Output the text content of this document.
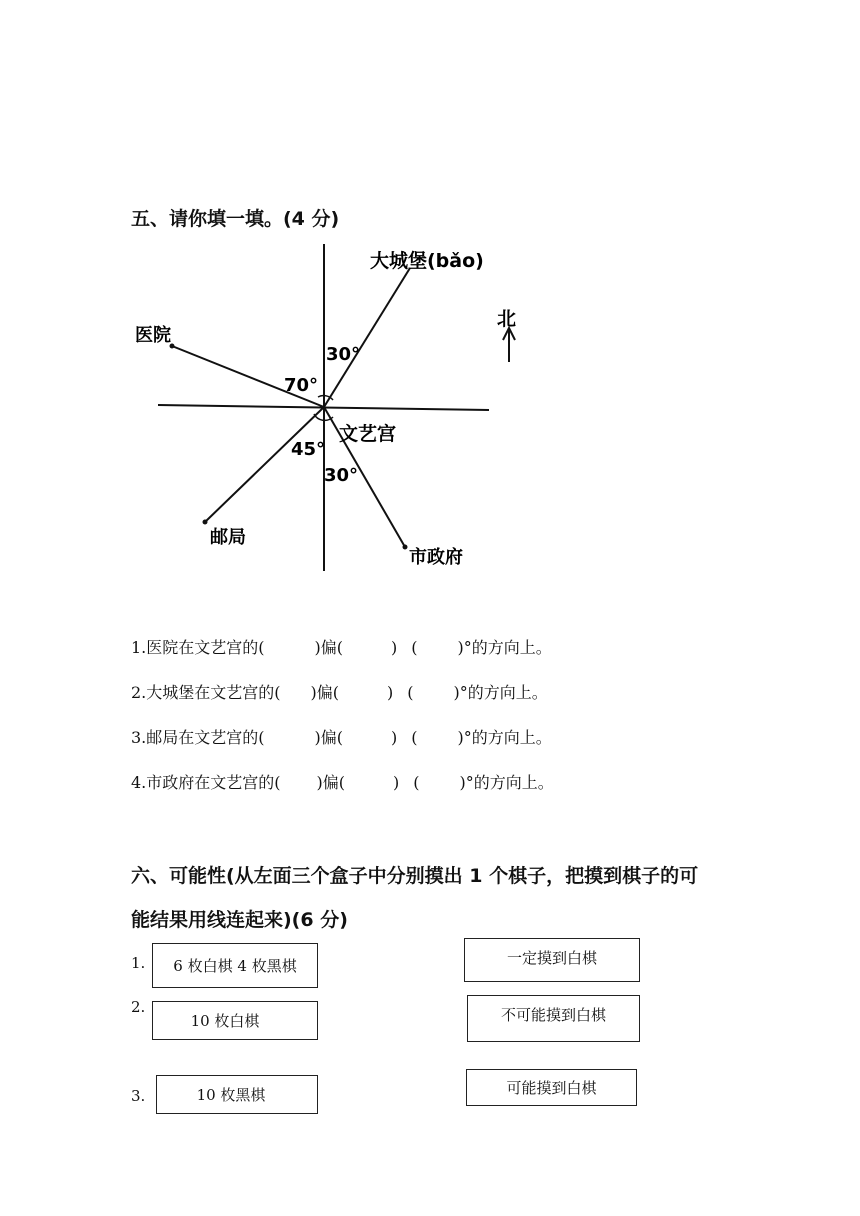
五、请你填一填。(4 分)
北
大城堡(bǎo)
医院
邮局
市政府
文艺宫
30°
70°
45°
30°
1.医院在文艺宫的(	)偏(	) (	)°的方向上。
2.大城堡在文艺宫的( )偏(	) (	)°的方向上。
3.邮局在文艺宫的(	)偏(	) (	)°的方向上。
4.市政府在文艺宫的( )偏(	) (	)°的方向上。
六、可能性(从左面三个盒子中分别摸出 1 个棋子，把摸到棋子的可
能结果用线连起来)(6 分)
1. 6 枚白棋 4 枚黑棋
2.
10 枚白棋
3.	10 枚黑棋
一定摸到白棋
不可能摸到白棋
可能摸到白棋
